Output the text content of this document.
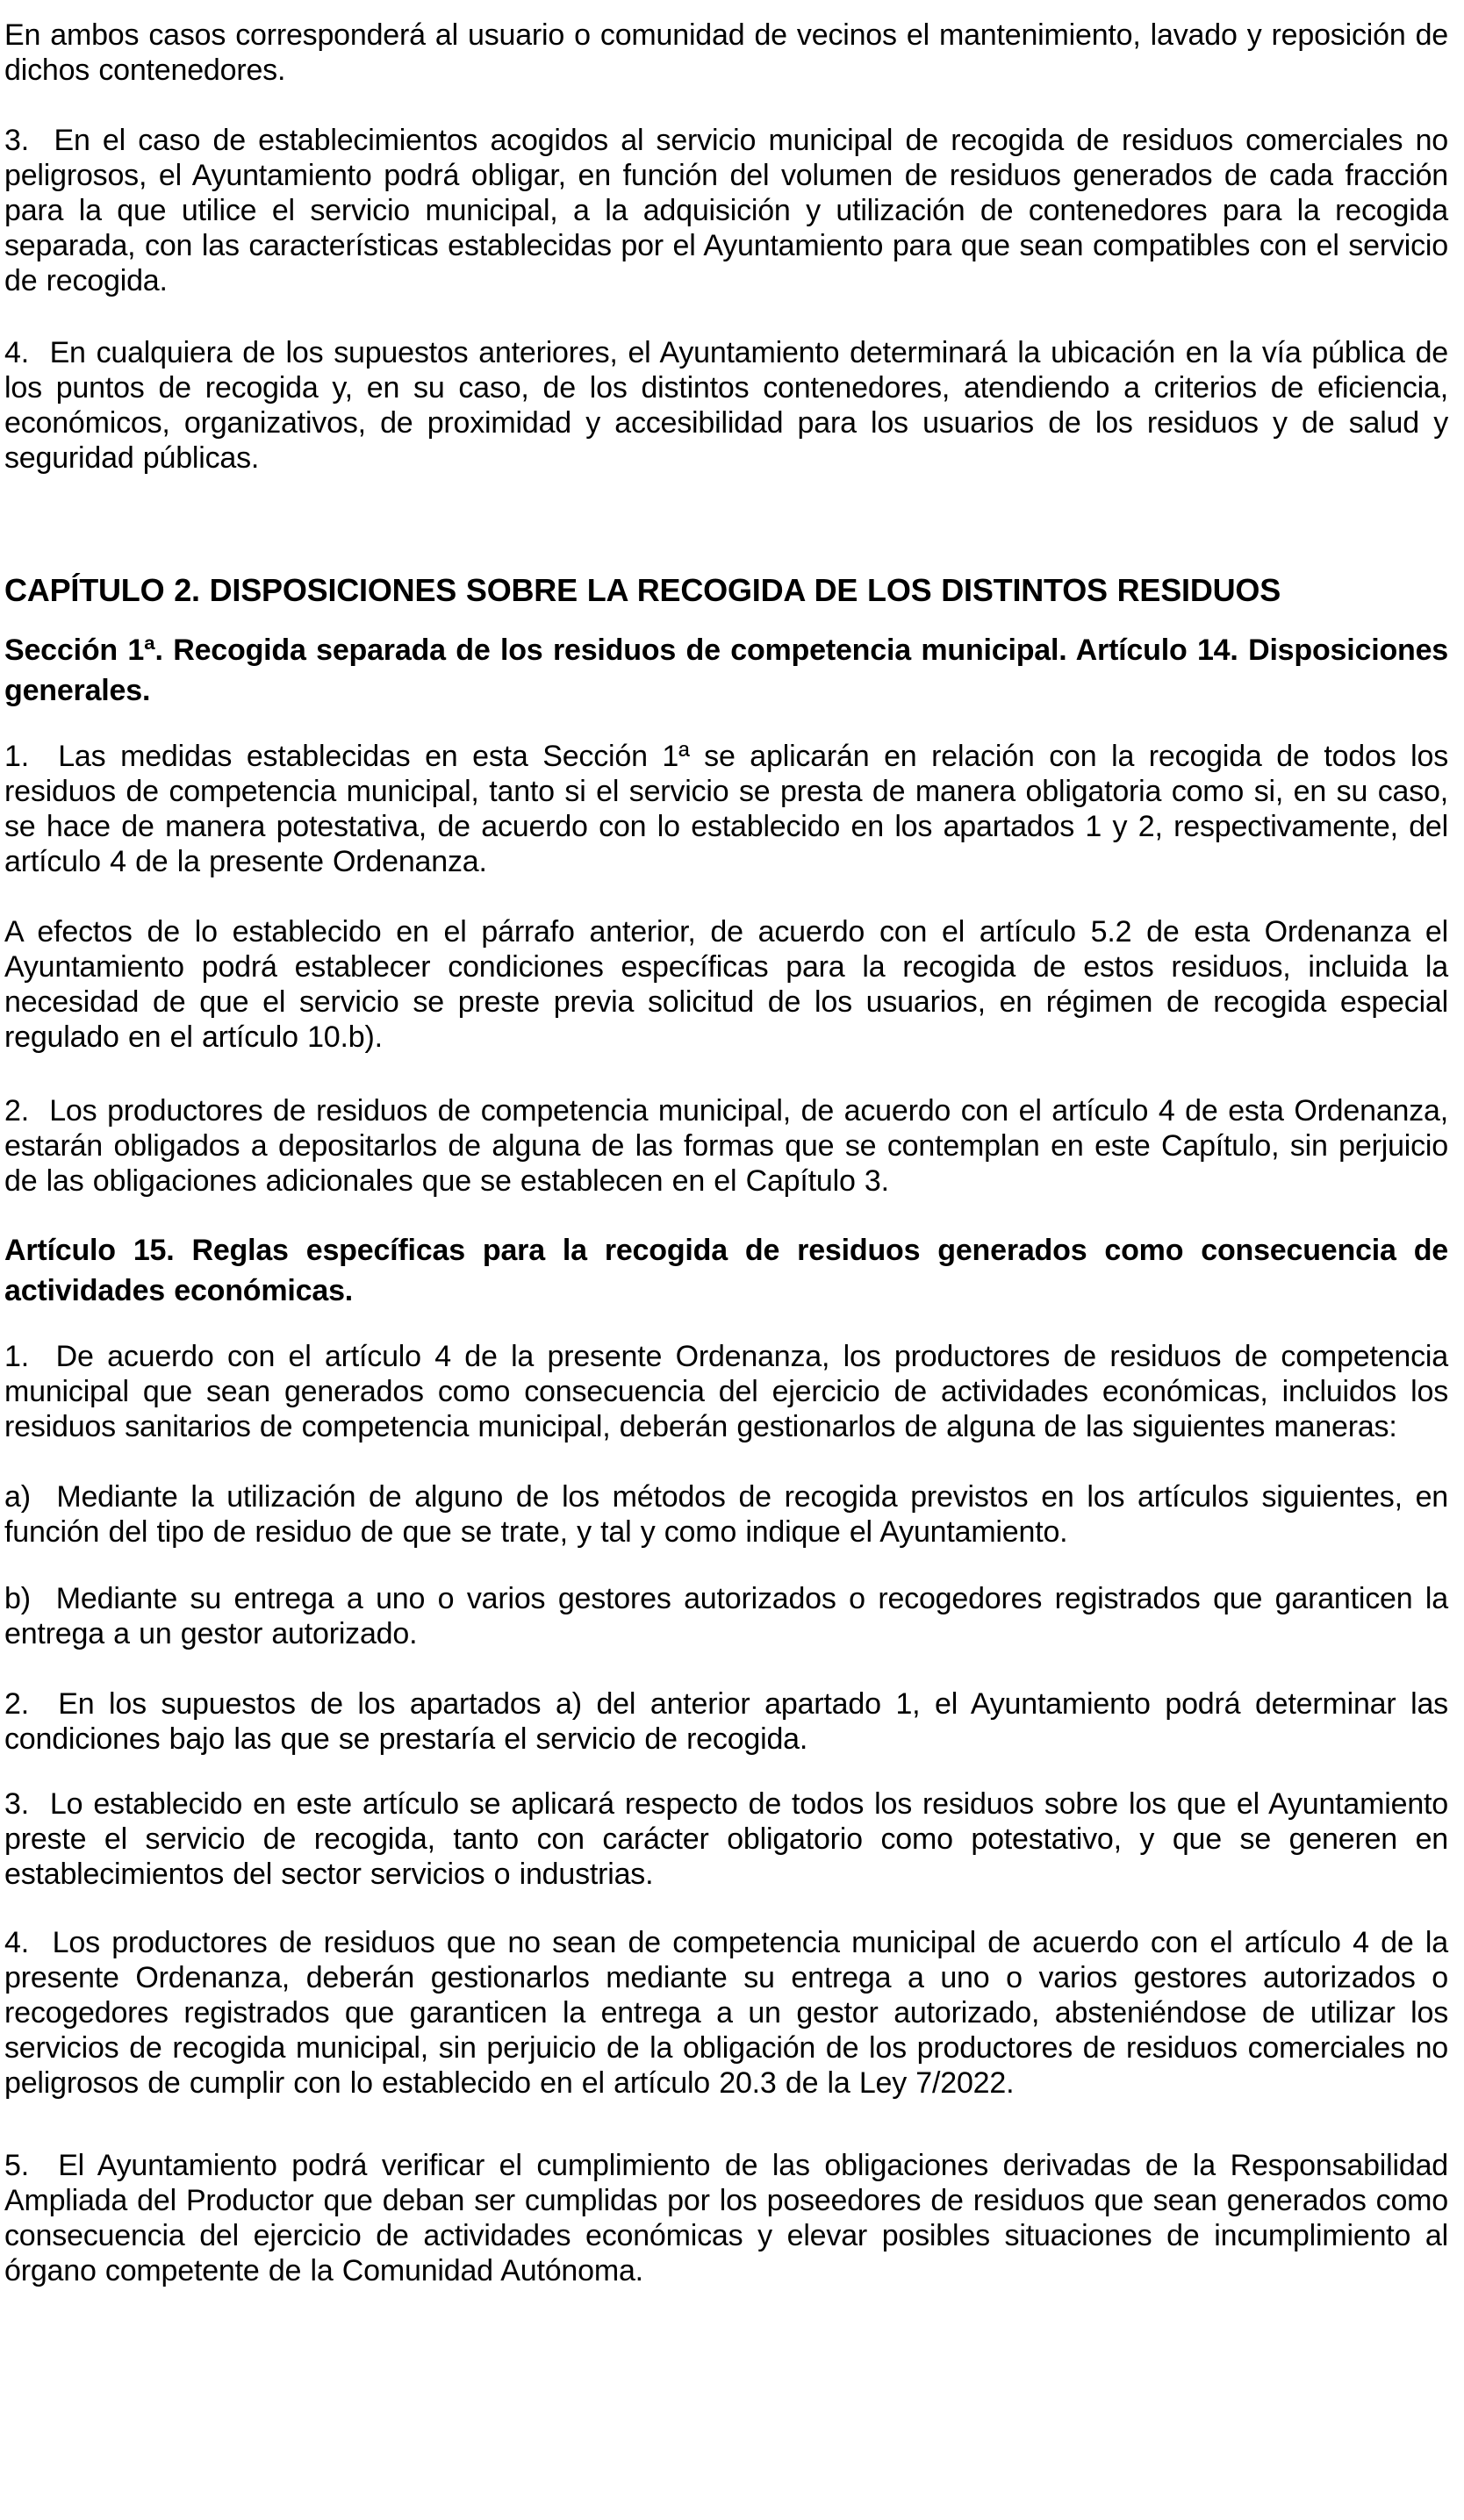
En ambos casos corresponderá al usuario o comunidad de vecinos el mantenimiento, lavado y reposición de dichos contenedores.

3.  En el caso de establecimientos acogidos al servicio municipal de recogida de residuos comerciales no peligrosos, el Ayuntamiento podrá obligar, en función del volumen de residuos generados de cada fracción para la que utilice el servicio municipal, a la adquisición y utilización de contenedores para la recogida separada, con las características establecidas por el Ayuntamiento para que sean compatibles con el servicio de recogida.

4.  En cualquiera de los supuestos anteriores, el Ayuntamiento determinará la ubicación en la vía pública de los puntos de recogida y, en su caso, de los distintos contenedores, atendiendo a criterios de eficiencia, económicos, organizativos, de proximidad y accesibilidad para los usuarios de los residuos y de salud y seguridad públicas.

CAPÍTULO 2. DISPOSICIONES SOBRE LA RECOGIDA DE LOS DISTINTOS RESIDUOS
Sección 1ª. Recogida separada de los residuos de competencia municipal. Artículo 14. Disposiciones generales.

1.  Las medidas establecidas en esta Sección 1ª se aplicarán en relación con la recogida de todos los residuos de competencia municipal, tanto si el servicio se presta de manera obligatoria como si, en su caso, se hace de manera potestativa, de acuerdo con lo establecido en los apartados 1 y 2, respectivamente, del artículo 4 de la presente Ordenanza.

A efectos de lo establecido en el párrafo anterior, de acuerdo con el artículo 5.2 de esta Ordenanza el Ayuntamiento podrá establecer condiciones específicas para la recogida de estos residuos, incluida la necesidad de que el servicio se preste previa solicitud de los usuarios, en régimen de recogida especial regulado en el artículo 10.b).

2.  Los productores de residuos de competencia municipal, de acuerdo con el artículo 4 de esta Ordenanza, estarán obligados a depositarlos de alguna de las formas que se contemplan en este Capítulo, sin perjuicio de las obligaciones adicionales que se establecen en el Capítulo 3.

Artículo 15. Reglas específicas para la recogida de residuos generados como consecuencia de actividades económicas.

1.  De acuerdo con el artículo 4 de la presente Ordenanza, los productores de residuos de competencia municipal que sean generados como consecuencia del ejercicio de actividades económicas, incluidos los residuos sanitarios de competencia municipal, deberán gestionarlos de alguna de las siguientes maneras:

a)  Mediante la utilización de alguno de los métodos de recogida previstos en los artículos siguientes, en función del tipo de residuo de que se trate, y tal y como indique el Ayuntamiento.

b)  Mediante su entrega a uno o varios gestores autorizados o recogedores registrados que garanticen la entrega a un gestor autorizado.

2.  En los supuestos de los apartados a) del anterior apartado 1, el Ayuntamiento podrá determinar las condiciones bajo las que se prestaría el servicio de recogida.

3.  Lo establecido en este artículo se aplicará respecto de todos los residuos sobre los que el Ayuntamiento preste el servicio de recogida, tanto con carácter obligatorio como potestativo, y que se generen en establecimientos del sector servicios o industrias.

4.  Los productores de residuos que no sean de competencia municipal de acuerdo con el artículo 4 de la presente Ordenanza, deberán gestionarlos mediante su entrega a uno o varios gestores autorizados o recogedores registrados que garanticen la entrega a un gestor autorizado, absteniéndose de utilizar los servicios de recogida municipal, sin perjuicio de la obligación de los productores de residuos comerciales no peligrosos de cumplir con lo establecido en el artículo 20.3 de la Ley 7/2022.

5.  El Ayuntamiento podrá verificar el cumplimiento de las obligaciones derivadas de la Responsabilidad Ampliada del Productor que deban ser cumplidas por los poseedores de residuos que sean generados como consecuencia del ejercicio de actividades económicas y elevar posibles situaciones de incumplimiento al órgano competente de la Comunidad Autónoma.
